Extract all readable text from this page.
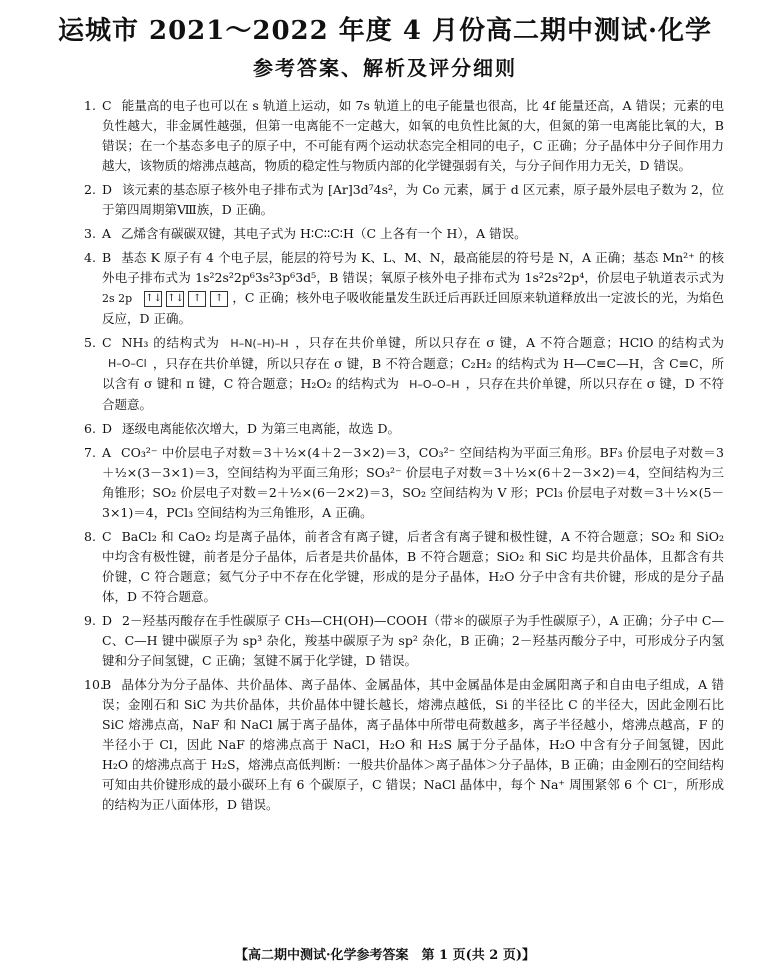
运城市 2021～2022 年度 4 月份高二期中测试·化学
参考答案、解析及评分细则
1. C 能量高的电子也可以在 s 轨道上运动，如 7s 轨道上的电子能量也很高，比 4f 能量还高，A 错误；元素的电负性越大，非金属性越强，但第一电离能不一定越大，如氧的电负性比氮的大，但氮的第一电离能比氧的大，B 错误；在一个基态多电子的原子中，不可能有两个运动状态完全相同的电子，C 正确；分子晶体中分子间作用力越大，该物质的熔沸点越高，物质的稳定性与物质内部的化学键强弱有关，与分子间作用力无关，D 错误。
2. D 该元素的基态原子核外电子排布式为 [Ar]3d⁷4s²，为 Co 元素，属于 d 区元素，原子最外层电子数为 2，位于第四周期第Ⅷ族，D 正确。
3. A 乙烯含有碳碳双键，其电子式为 H∶C∶∶C∶H（C 上各有一个 H），A 错误。
4. B 基态 K 原子有 4 个电子层，能层的符号为 K、L、M、N，最高能层的符号是 N，A 正确；基态 Mn²⁺ 的核外电子排布式为 1s²2s²2p⁶3s²3p⁶3d⁵，B 错误；氧原子核外电子排布式为 1s²2s²2p⁴，价层电子轨道表示式为 2s 2p ↑↓ ↑↓ ↑	↑ ，C 正确；核外电子吸收能量发生跃迁后再跃迁回原来轨道释放出一定波长的光，为焰色反应，D 正确。
5. C NH₃ 的结构式为 H–N(–H)–H ，只存在共价单键，所以只存在 σ 键，A 不符合题意；HClO 的结构式为 H–O–Cl ，只存在共价单键，所以只存在 σ 键，B 不符合题意；C₂H₂ 的结构式为 H—C≡C—H，含 C≡C，所以含有 σ 键和 π 键，C 符合题意；H₂O₂ 的结构式为 H–O–O–H ，只存在共价单键，所以只存在 σ 键，D 不符合题意。
6. D 逐级电离能依次增大，D 为第三电离能，故选 D。
7. A CO₃²⁻ 中价层电子对数＝3＋½×(4＋2－3×2)＝3，CO₃²⁻ 空间结构为平面三角形。BF₃ 价层电子对数＝3＋½×(3－3×1)＝3，空间结构为平面三角形；SO₃²⁻ 价层电子对数＝3＋½×(6＋2－3×2)＝4，空间结构为三角锥形；SO₂ 价层电子对数＝2＋½×(6－2×2)＝3，SO₂ 空间结构为 V 形；PCl₃ 价层电子对数＝3＋½×(5－3×1)＝4，PCl₃ 空间结构为三角锥形，A 正确。
8. C BaCl₂ 和 CaO₂ 均是离子晶体，前者含有离子键，后者含有离子键和极性键，A 不符合题意；SO₂ 和 SiO₂ 中均含有极性键，前者是分子晶体，后者是共价晶体，B 不符合题意；SiO₂ 和 SiC 均是共价晶体，且都含有共价键，C 符合题意；氦气分子中不存在化学键，形成的是分子晶体，H₂O 分子中含有共价键，形成的是分子晶体，D 不符合题意。
9. D 2－羟基丙酸存在手性碳原子 CH₃—CH(OH)—COOH（带＊的碳原子为手性碳原子），A 正确；分子中 C—C、C—H 键中碳原子为 sp³ 杂化，羧基中碳原子为 sp² 杂化，B 正确；2－羟基丙酸分子中，可形成分子内氢键和分子间氢键，C 正确；氢键不属于化学键，D 错误。
10.
B 晶体分为分子晶体、共价晶体、离子晶体、金属晶体，其中金属晶体是由金属阳离子和自由电子组成，A 错误；金刚石和 SiC 为共价晶体，共价晶体中键长越长，熔沸点越低，Si 的半径比 C 的半径大，因此金刚石比 SiC 熔沸点高，NaF 和 NaCl 属于离子晶体，离子晶体中所带电荷数越多，离子半径越小，熔沸点越高，F 的半径小于 Cl，因此 NaF 的熔沸点高于 NaCl，H₂O 和 H₂S 属于分子晶体，H₂O 中含有分子间氢键，因此 H₂O 的熔沸点高于 H₂S，熔沸点高低判断：一般共价晶体＞离子晶体＞分子晶体，B 正确；由金刚石的空间结构可知由共价键形成的最小碳环上有 6 个碳原子，C 错误；NaCl 晶体中，每个 Na⁺ 周围紧邻 6 个 Cl⁻，所形成的结构为正八面体形，D 错误。
【高二期中测试·化学参考答案　第 1 页(共 2 页)】
